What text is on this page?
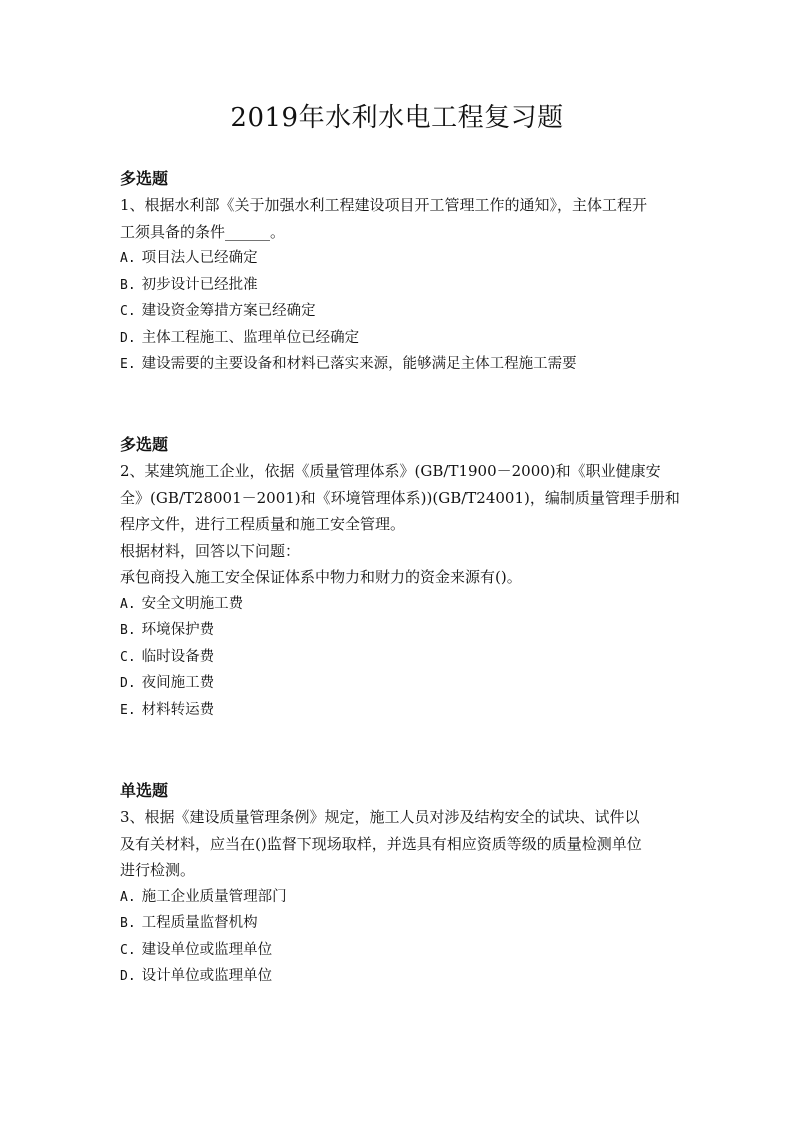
2019年水利水电工程复习题
多选题
1、根据水利部《关于加强水利工程建设项目开工管理工作的通知》，主体工程开
工须具备的条件______。
A. 项目法人已经确定
B. 初步设计已经批准
C. 建设资金筹措方案已经确定
D. 主体工程施工、监理单位已经确定
E. 建设需要的主要设备和材料已落实来源，能够满足主体工程施工需要
多选题
2、某建筑施工企业，依据《质量管理体系》(GB/T1900－2000)和《职业健康安
全》(GB/T28001－2001)和《环境管理体系))(GB/T24001)，编制质量管理手册和
程序文件，进行工程质量和施工安全管理。
根据材料，回答以下问题：
承包商投入施工安全保证体系中物力和财力的资金来源有()。
A. 安全文明施工费
B. 环境保护费
C. 临时设备费
D. 夜间施工费
E. 材料转运费
单选题
3、根据《建设质量管理条例》规定，施工人员对涉及结构安全的试块、试件以
及有关材料，应当在()监督下现场取样，并选具有相应资质等级的质量检测单位
进行检测。
A. 施工企业质量管理部门
B. 工程质量监督机构
C. 建设单位或监理单位
D. 设计单位或监理单位
